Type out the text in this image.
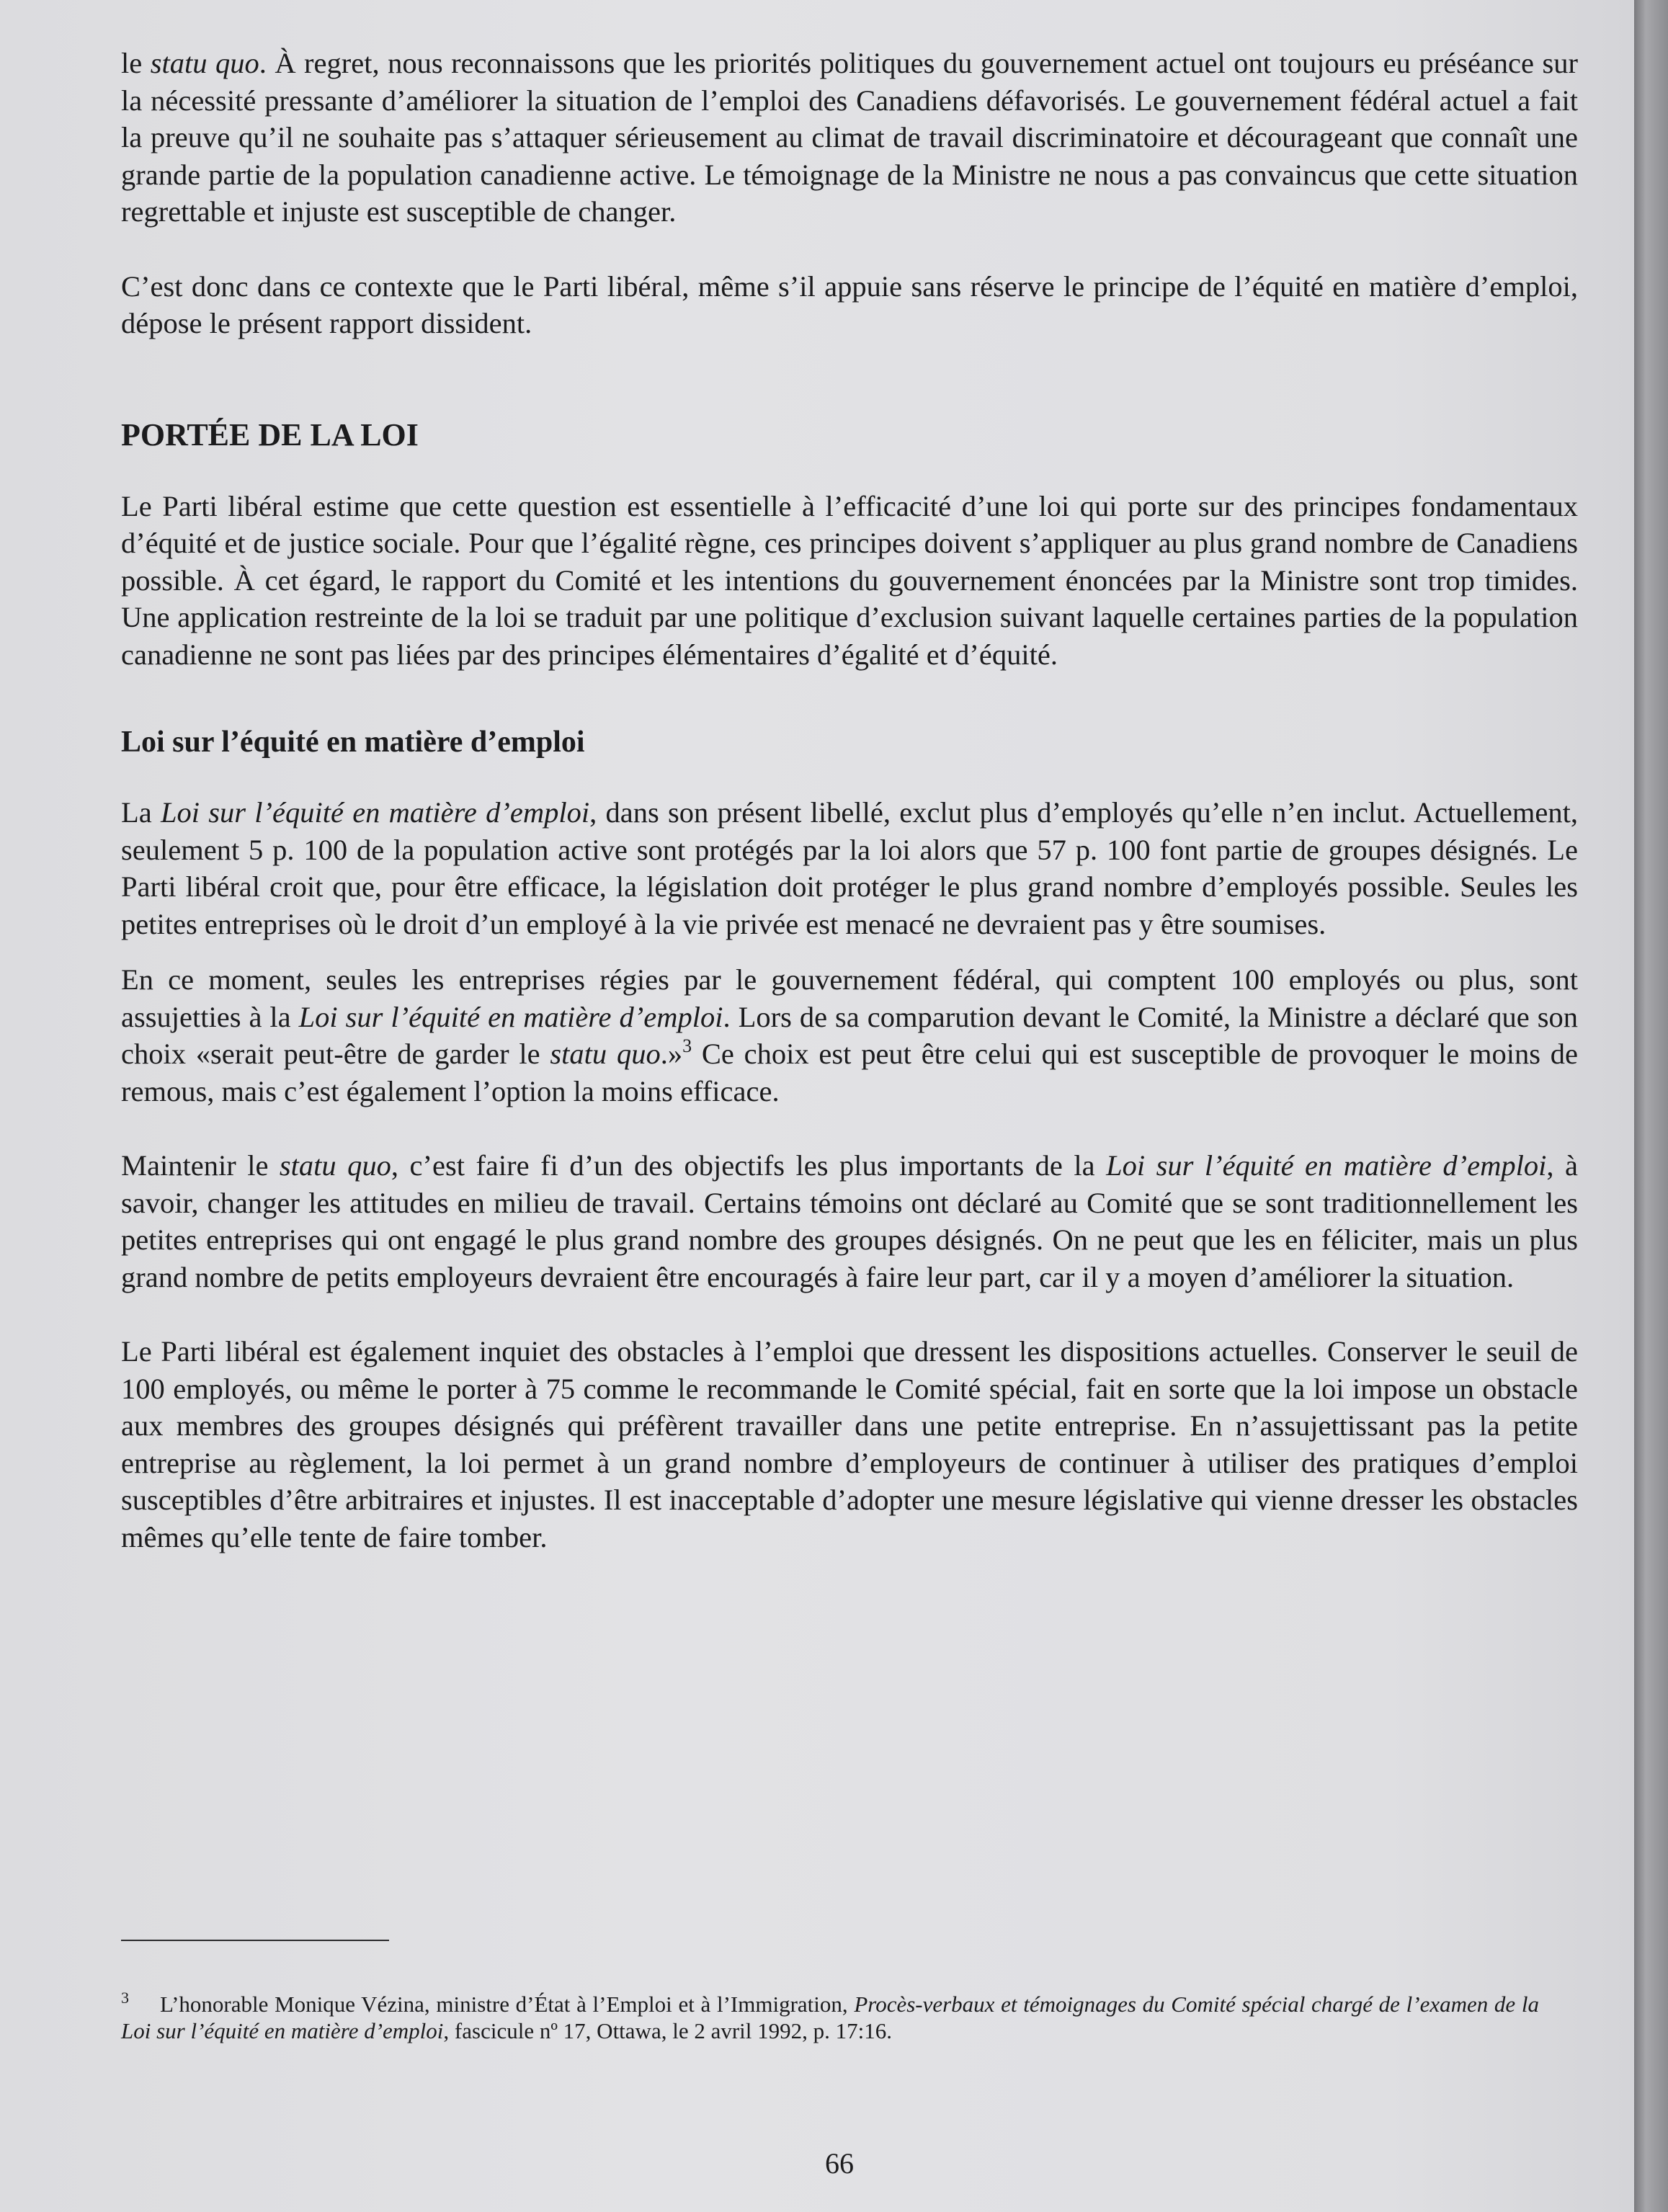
le statu quo. À regret, nous reconnaissons que les priorités politiques du gouvernement actuel ont toujours eu préséance sur la nécessité pressante d’améliorer la situation de l’emploi des Canadiens défavorisés. Le gouvernement fédéral actuel a fait la preuve qu’il ne souhaite pas s’attaquer sérieusement au climat de travail discriminatoire et décourageant que connaît une grande partie de la population canadienne active. Le témoignage de la Ministre ne nous a pas convaincus que cette situation regrettable et injuste est susceptible de changer.

C’est donc dans ce contexte que le Parti libéral, même s’il appuie sans réserve le principe de l’équité en matière d’emploi, dépose le présent rapport dissident.

PORTÉE DE LA LOI

Le Parti libéral estime que cette question est essentielle à l’efficacité d’une loi qui porte sur des principes fondamentaux d’équité et de justice sociale. Pour que l’égalité règne, ces principes doivent s’appliquer au plus grand nombre de Canadiens possible. À cet égard, le rapport du Comité et les intentions du gouvernement énoncées par la Ministre sont trop timides. Une application restreinte de la loi se traduit par une politique d’exclusion suivant laquelle certaines parties de la population canadienne ne sont pas liées par des principes élémentaires d’égalité et d’équité.

Loi sur l’équité en matière d’emploi

La Loi sur l’équité en matière d’emploi, dans son présent libellé, exclut plus d’employés qu’elle n’en inclut. Actuellement, seulement 5 p. 100 de la population active sont protégés par la loi alors que 57 p. 100 font partie de groupes désignés. Le Parti libéral croit que, pour être efficace, la législation doit protéger le plus grand nombre d’employés possible. Seules les petites entreprises où le droit d’un employé à la vie privée est menacé ne devraient pas y être soumises.

En ce moment, seules les entreprises régies par le gouvernement fédéral, qui comptent 100 employés ou plus, sont assujetties à la Loi sur l’équité en matière d’emploi. Lors de sa comparution devant le Comité, la Ministre a déclaré que son choix «serait peut-être de garder le statu quo.»$^3$ Ce choix est peut être celui qui est susceptible de provoquer le moins de remous, mais c’est également l’option la moins efficace.

Maintenir le statu quo, c’est faire fi d’un des objectifs les plus importants de la Loi sur l’équité en matière d’emploi, à savoir, changer les attitudes en milieu de travail. Certains témoins ont déclaré au Comité que se sont traditionnellement les petites entreprises qui ont engagé le plus grand nombre des groupes désignés. On ne peut que les en féliciter, mais un plus grand nombre de petits employeurs devraient être encouragés à faire leur part, car il y a moyen d’améliorer la situation.

Le Parti libéral est également inquiet des obstacles à l’emploi que dressent les dispositions actuelles. Conserver le seuil de 100 employés, ou même le porter à 75 comme le recommande le Comité spécial, fait en sorte que la loi impose un obstacle aux membres des groupes désignés qui préfèrent travailler dans une petite entreprise. En n’assujettissant pas la petite entreprise au règlement, la loi permet à un grand nombre d’employeurs de continuer à utiliser des pratiques d’emploi susceptibles d’être arbitraires et injustes. Il est inacceptable d’adopter une mesure législative qui vienne dresser les obstacles mêmes qu’elle tente de faire tomber.

3 L’honorable Monique Vézina, ministre d’État à l’Emploi et à l’Immigration, Procès-verbaux et témoignages du Comité spécial chargé de l’examen de la Loi sur l’équité en matière d’emploi, fascicule nº 17, Ottawa, le 2 avril 1992, p. 17:16.
66
